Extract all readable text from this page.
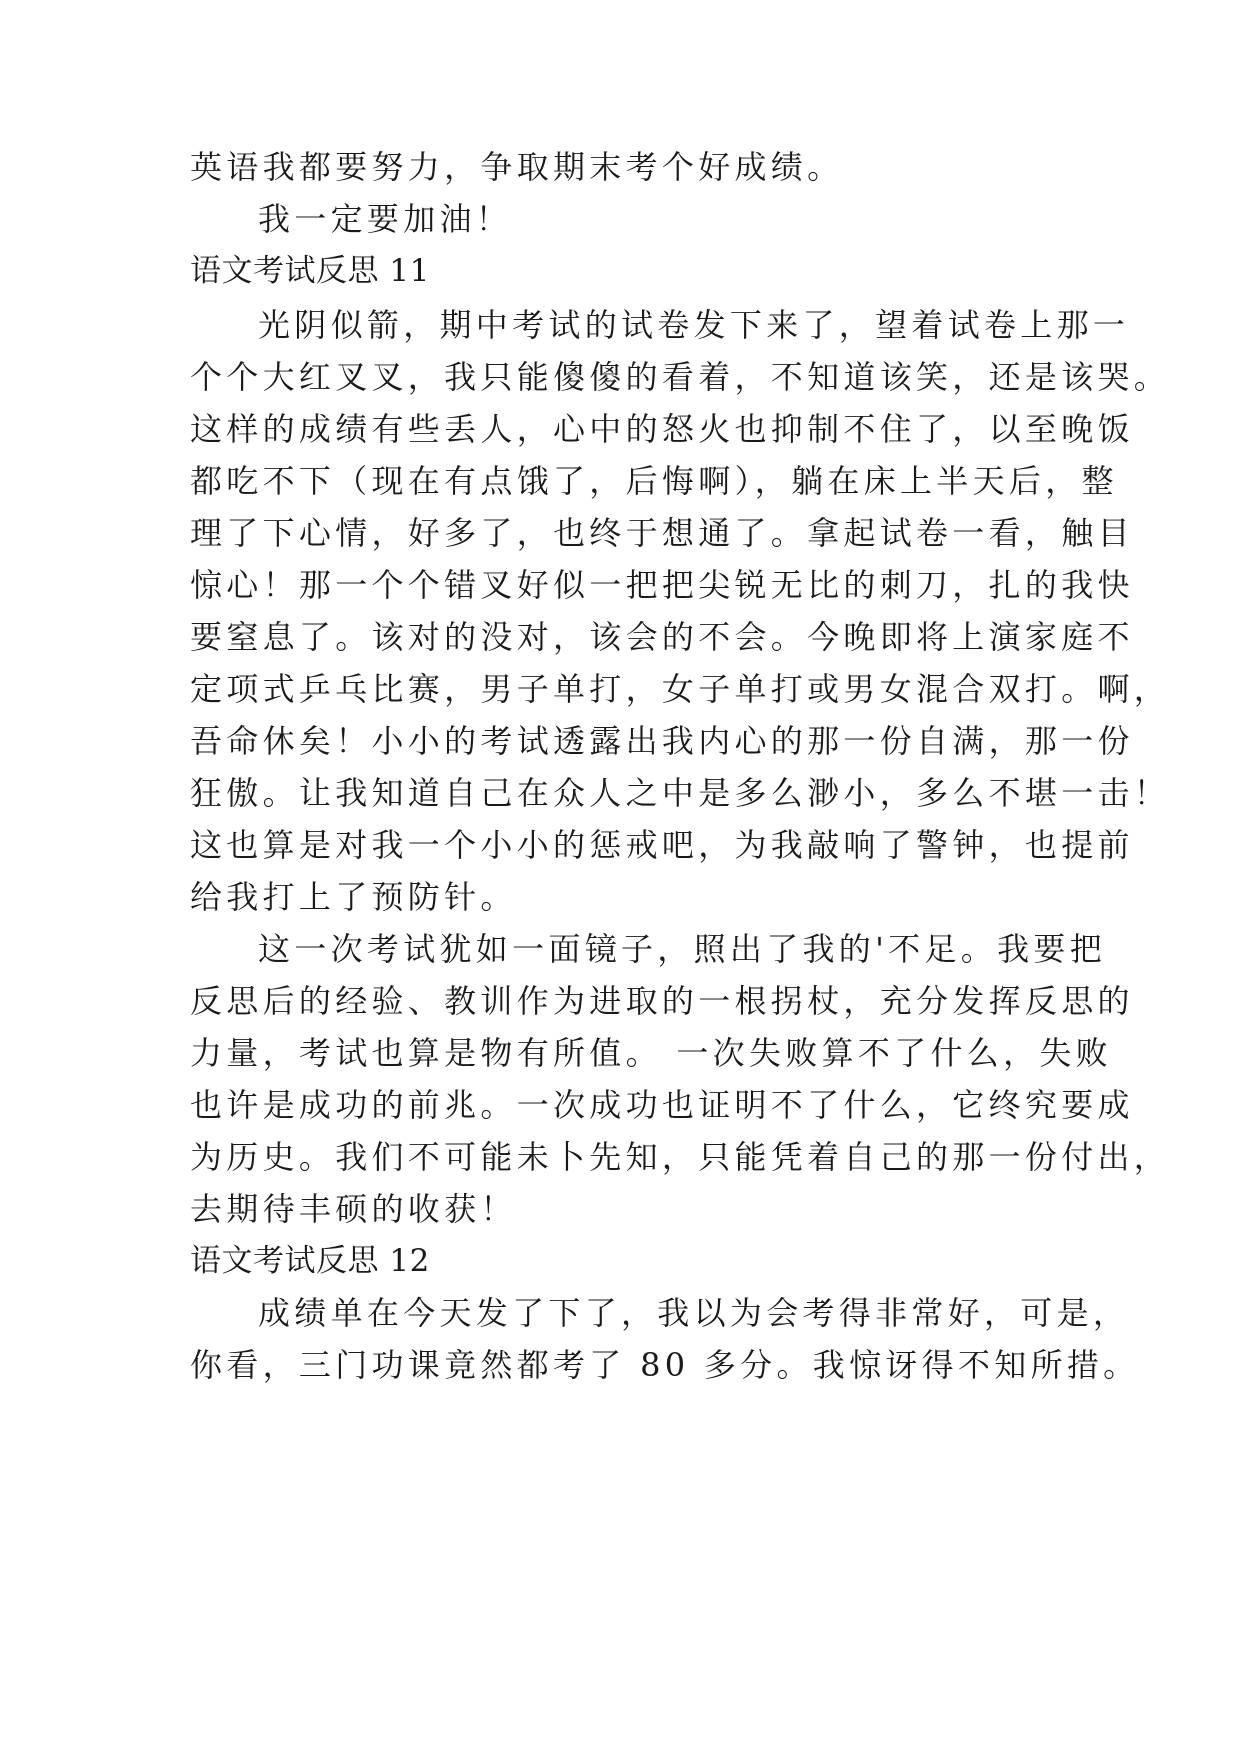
英语我都要努力，争取期末考个好成绩。
我一定要加油！
语文考试反思 11
光阴似箭，期中考试的试卷发下来了，望着试卷上那一
个个大红叉叉，我只能傻傻的看着，不知道该笑，还是该哭。
这样的成绩有些丢人，心中的怒火也抑制不住了，以至晚饭
都吃不下（现在有点饿了，后悔啊），躺在床上半天后，整
理了下心情，好多了，也终于想通了。拿起试卷一看，触目
惊心！那一个个错叉好似一把把尖锐无比的刺刀，扎的我快
要窒息了。该对的没对，该会的不会。今晚即将上演家庭不
定项式乒乓比赛，男子单打，女子单打或男女混合双打。啊，
吾命休矣！小小的考试透露出我内心的那一份自满，那一份
狂傲。让我知道自己在众人之中是多么渺小，多么不堪一击！
这也算是对我一个小小的惩戒吧，为我敲响了警钟，也提前
给我打上了预防针。
这一次考试犹如一面镜子，照出了我的'不足。我要把
反思后的经验、教训作为进取的一根拐杖，充分发挥反思的
力量，考试也算是物有所值。 一次失败算不了什么，失败
也许是成功的前兆。一次成功也证明不了什么，它终究要成
为历史。我们不可能未卜先知，只能凭着自己的那一份付出，
去期待丰硕的收获！
语文考试反思 12
成绩单在今天发了下了，我以为会考得非常好，可是，
你看，三门功课竟然都考了 80 多分。我惊讶得不知所措。
